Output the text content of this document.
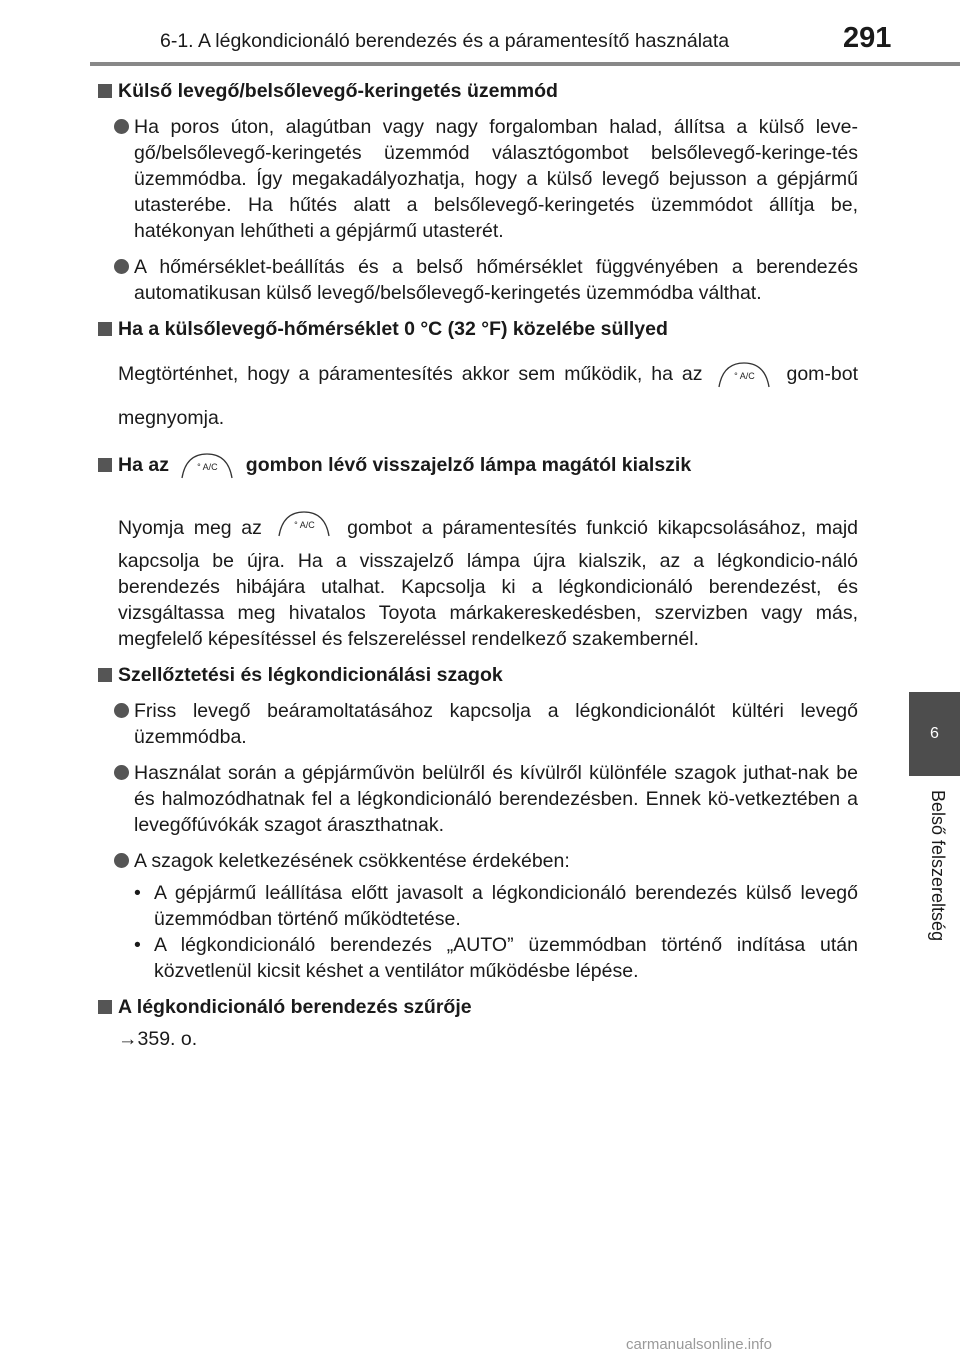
6-1. A légkondicionáló berendezés és a páramentesítő használata	291
6
Belső felszereltség
Külső levegő/belsőlevegő-keringetés üzemmód
Ha poros úton, alagútban vagy nagy forgalomban halad, állítsa a külső leve-gő/belsőlevegő-keringetés üzemmód választógombot belsőlevegő-keringe-tés üzemmódba. Így megakadályozhatja, hogy a külső levegő bejusson a gépjármű utasterébe. Ha hűtés alatt a belsőlevegő-keringetés üzemmódot állítja be, hatékonyan lehűtheti a gépjármű utasterét.
A hőmérséklet-beállítás és a belső hőmérséklet függvényében a berendezés automatikusan külső levegő/belsőlevegő-keringetés üzemmódba válthat.
Ha a külsőlevegő-hőmérséklet 0 °C (32 °F) közelébe süllyed

Megtörténhet, hogy a páramentesítés akkor sem működik, ha az	° A/C	gom-bot megnyomja.

Ha az	° A/C	gombon lévő visszajelző lámpa magától kialszik

Nyomja meg az	° A/C	gombot a páramentesítés funkció kikapcsolásához, majd kapcsolja be újra. Ha a visszajelző lámpa újra kialszik, az a légkondicio-náló berendezés hibájára utalhat. Kapcsolja ki a légkondicionáló berendezést, és vizsgáltassa meg hivatalos Toyota márkakereskedésben, szervizben vagy más, megfelelő képesítéssel és felszereléssel rendelkező szakembernél.

Szellőztetési és légkondicionálási szagok
Friss levegő beáramoltatásához kapcsolja a légkondicionálót kültéri levegő üzemmódba.
Használat során a gépjárművön belülről és kívülről különféle szagok juthat-nak be és halmozódhatnak fel a légkondicionáló berendezésben. Ennek kö-vetkeztében a levegőfúvókák szagot áraszthatnak.
A szagok keletkezésének csökkentése érdekében:
• A gépjármű leállítása előtt javasolt a légkondicionáló berendezés külső levegő üzemmódban történő működtetése.
• A légkondicionáló berendezés „AUTO” üzemmódban történő indítása után közvetlenül kicsit késhet a ventilátor működésbe lépése.
A légkondicionáló berendezés szűrője

→359. o.

carmanualsonline.info
